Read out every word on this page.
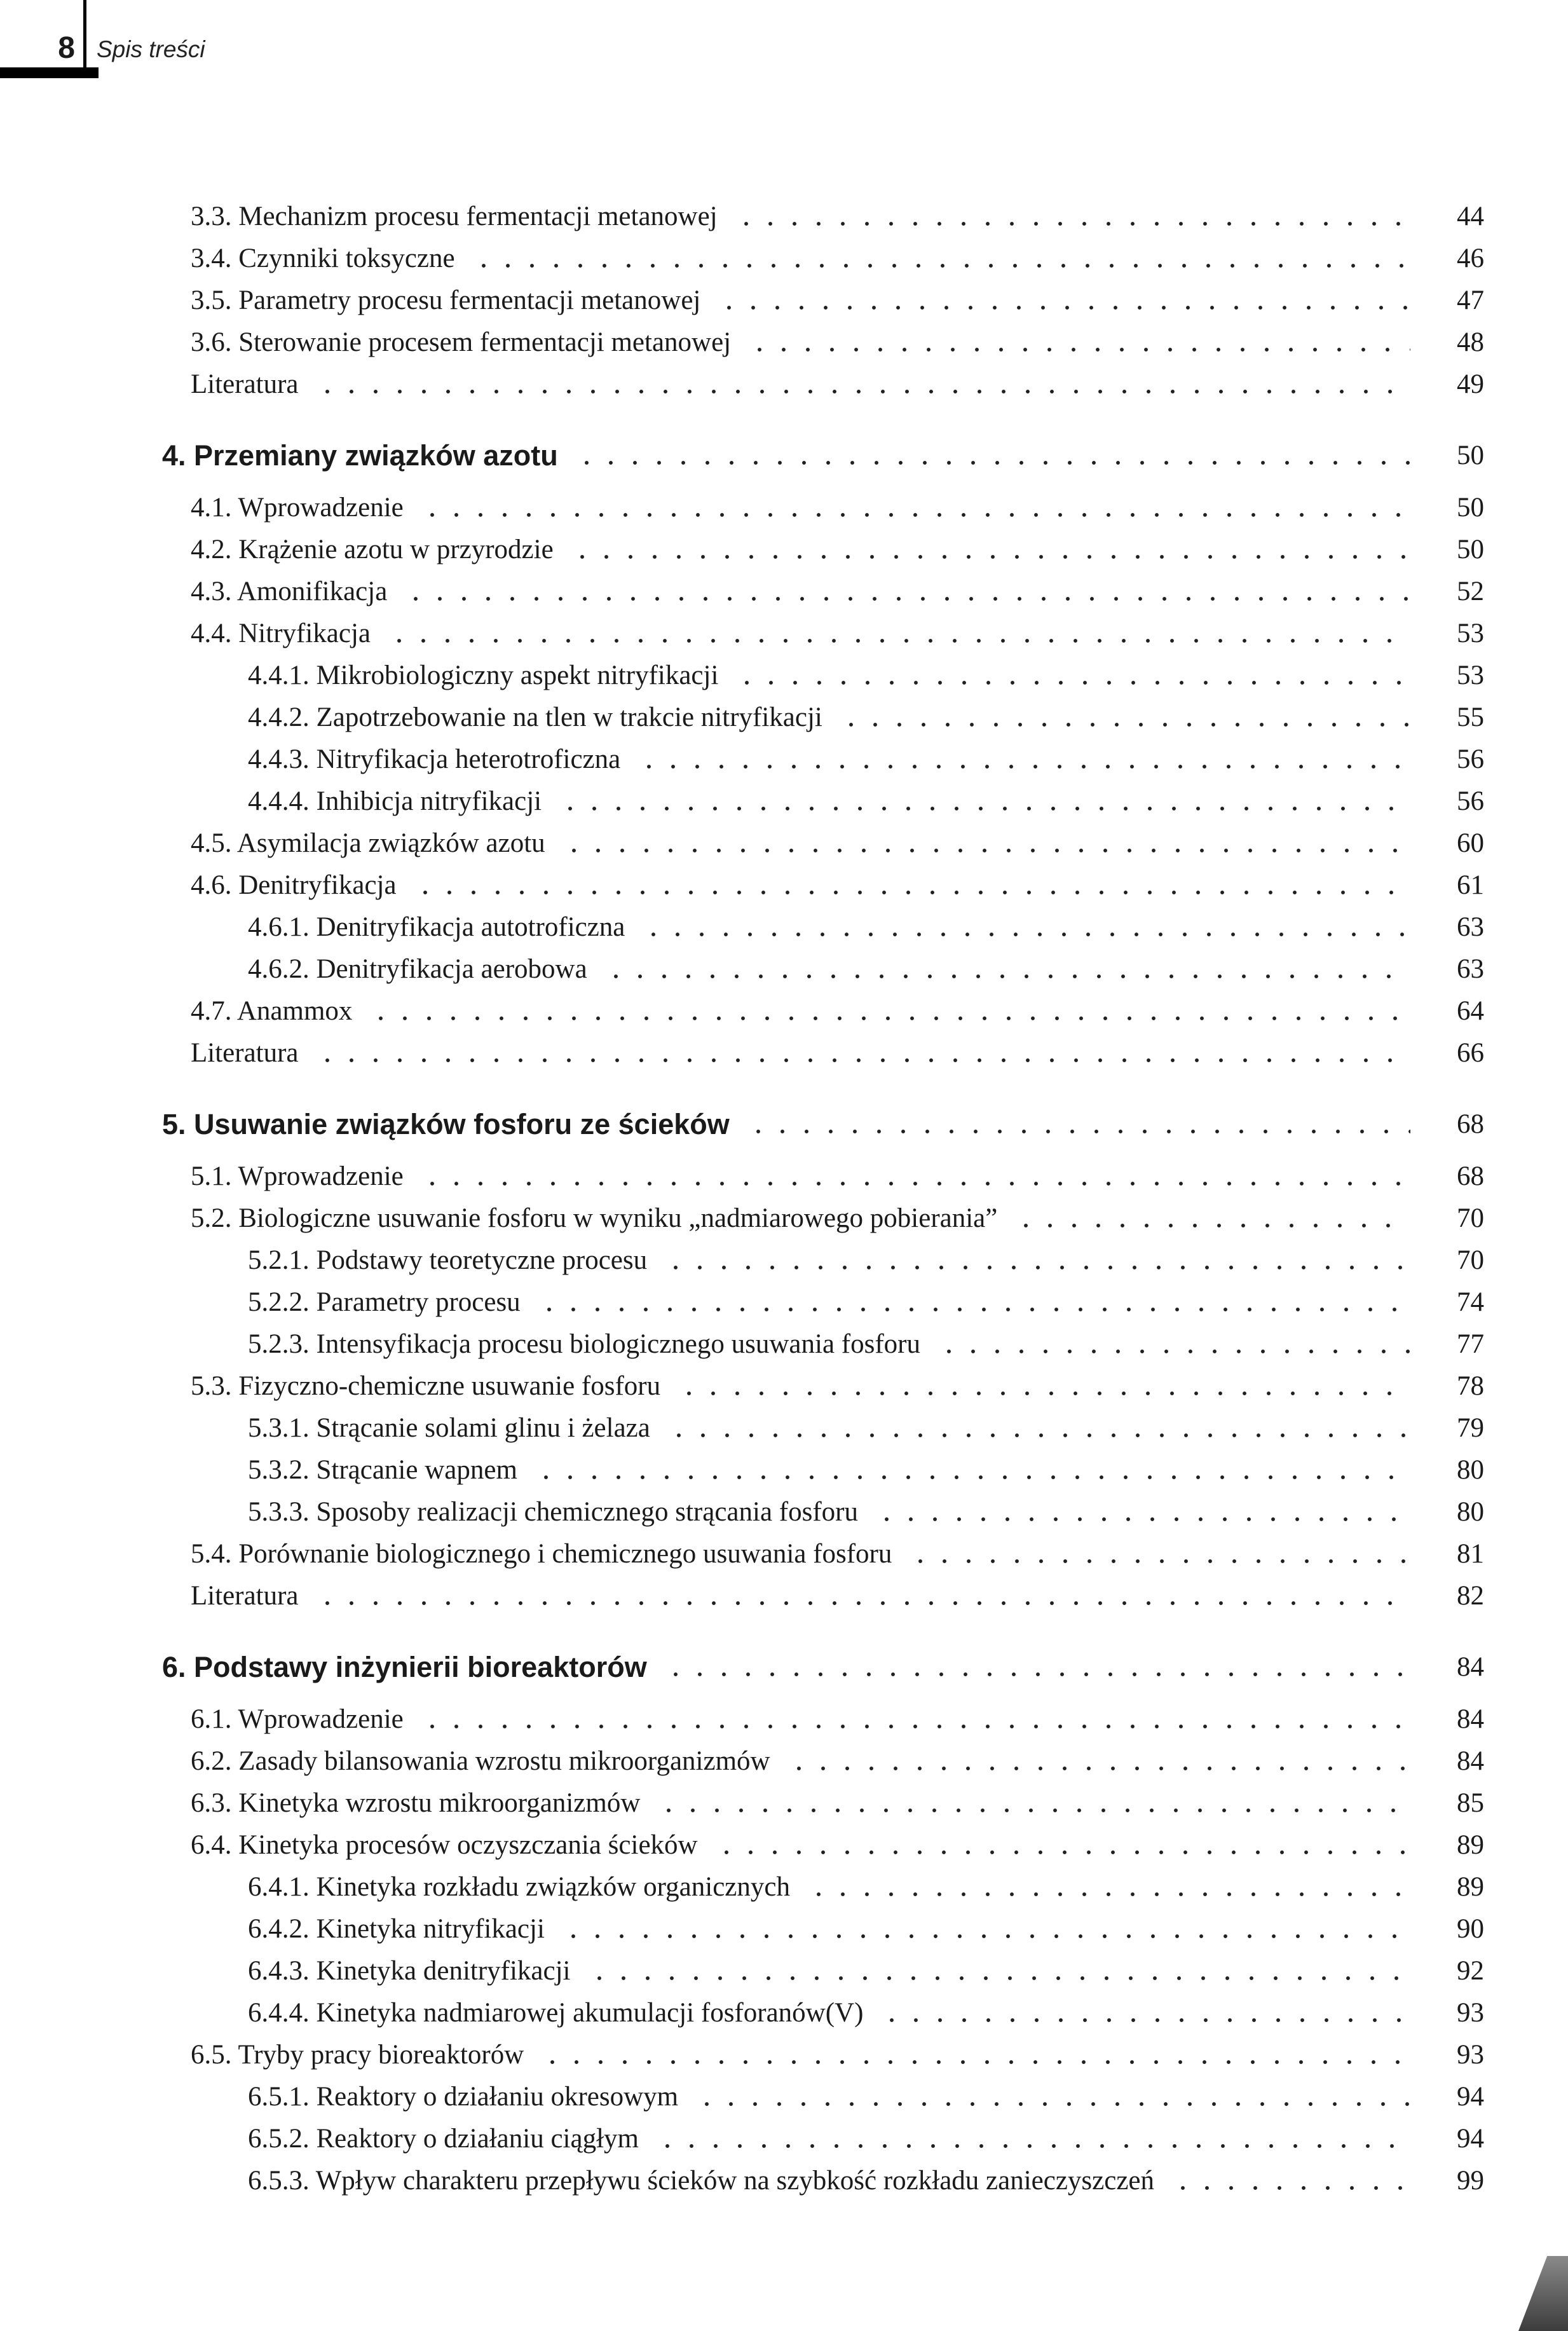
8 Spis treści
3.3. Mechanizm procesu fermentacji metanowej	44
3.4. Czynniki toksyczne	46
3.5. Parametry procesu fermentacji metanowej	47
3.6. Sterowanie procesem fermentacji metanowej	48
Literatura	49
4. Przemiany związków azotu	50
4.1. Wprowadzenie	50
4.2. Krążenie azotu w przyrodzie	50
4.3. Amonifikacja	52
4.4. Nitryfikacja	53
4.4.1. Mikrobiologiczny aspekt nitryfikacji	53
4.4.2. Zapotrzebowanie na tlen w trakcie nitryfikacji	55
4.4.3. Nitryfikacja heterotroficzna	56
4.4.4. Inhibicja nitryfikacji	56
4.5. Asymilacja związków azotu	60
4.6. Denitryfikacja	61
4.6.1. Denitryfikacja autotroficzna	63
4.6.2. Denitryfikacja aerobowa	63
4.7. Anammox	64
Literatura	66
5. Usuwanie związków fosforu ze ścieków	68
5.1. Wprowadzenie	68
5.2. Biologiczne usuwanie fosforu w wyniku „nadmiarowego pobierania”	70
5.2.1. Podstawy teoretyczne procesu	70
5.2.2. Parametry procesu	74
5.2.3. Intensyfikacja procesu biologicznego usuwania fosforu	77
5.3. Fizyczno-chemiczne usuwanie fosforu	78
5.3.1. Strącanie solami glinu i żelaza	79
5.3.2. Strącanie wapnem	80
5.3.3. Sposoby realizacji chemicznego strącania fosforu	80
5.4. Porównanie biologicznego i chemicznego usuwania fosforu	81
Literatura	82
6. Podstawy inżynierii bioreaktorów	84
6.1. Wprowadzenie	84
6.2. Zasady bilansowania wzrostu mikroorganizmów	84
6.3. Kinetyka wzrostu mikroorganizmów	85
6.4. Kinetyka procesów oczyszczania ścieków	89
6.4.1. Kinetyka rozkładu związków organicznych	89
6.4.2. Kinetyka nitryfikacji	90
6.4.3. Kinetyka denitryfikacji	92
6.4.4. Kinetyka nadmiarowej akumulacji fosforanów(V)	93
6.5. Tryby pracy bioreaktorów	93
6.5.1. Reaktory o działaniu okresowym	94
6.5.2. Reaktory o działaniu ciągłym	94
6.5.3. Wpływ charakteru przepływu ścieków na szybkość rozkładu zanieczyszczeń	99
